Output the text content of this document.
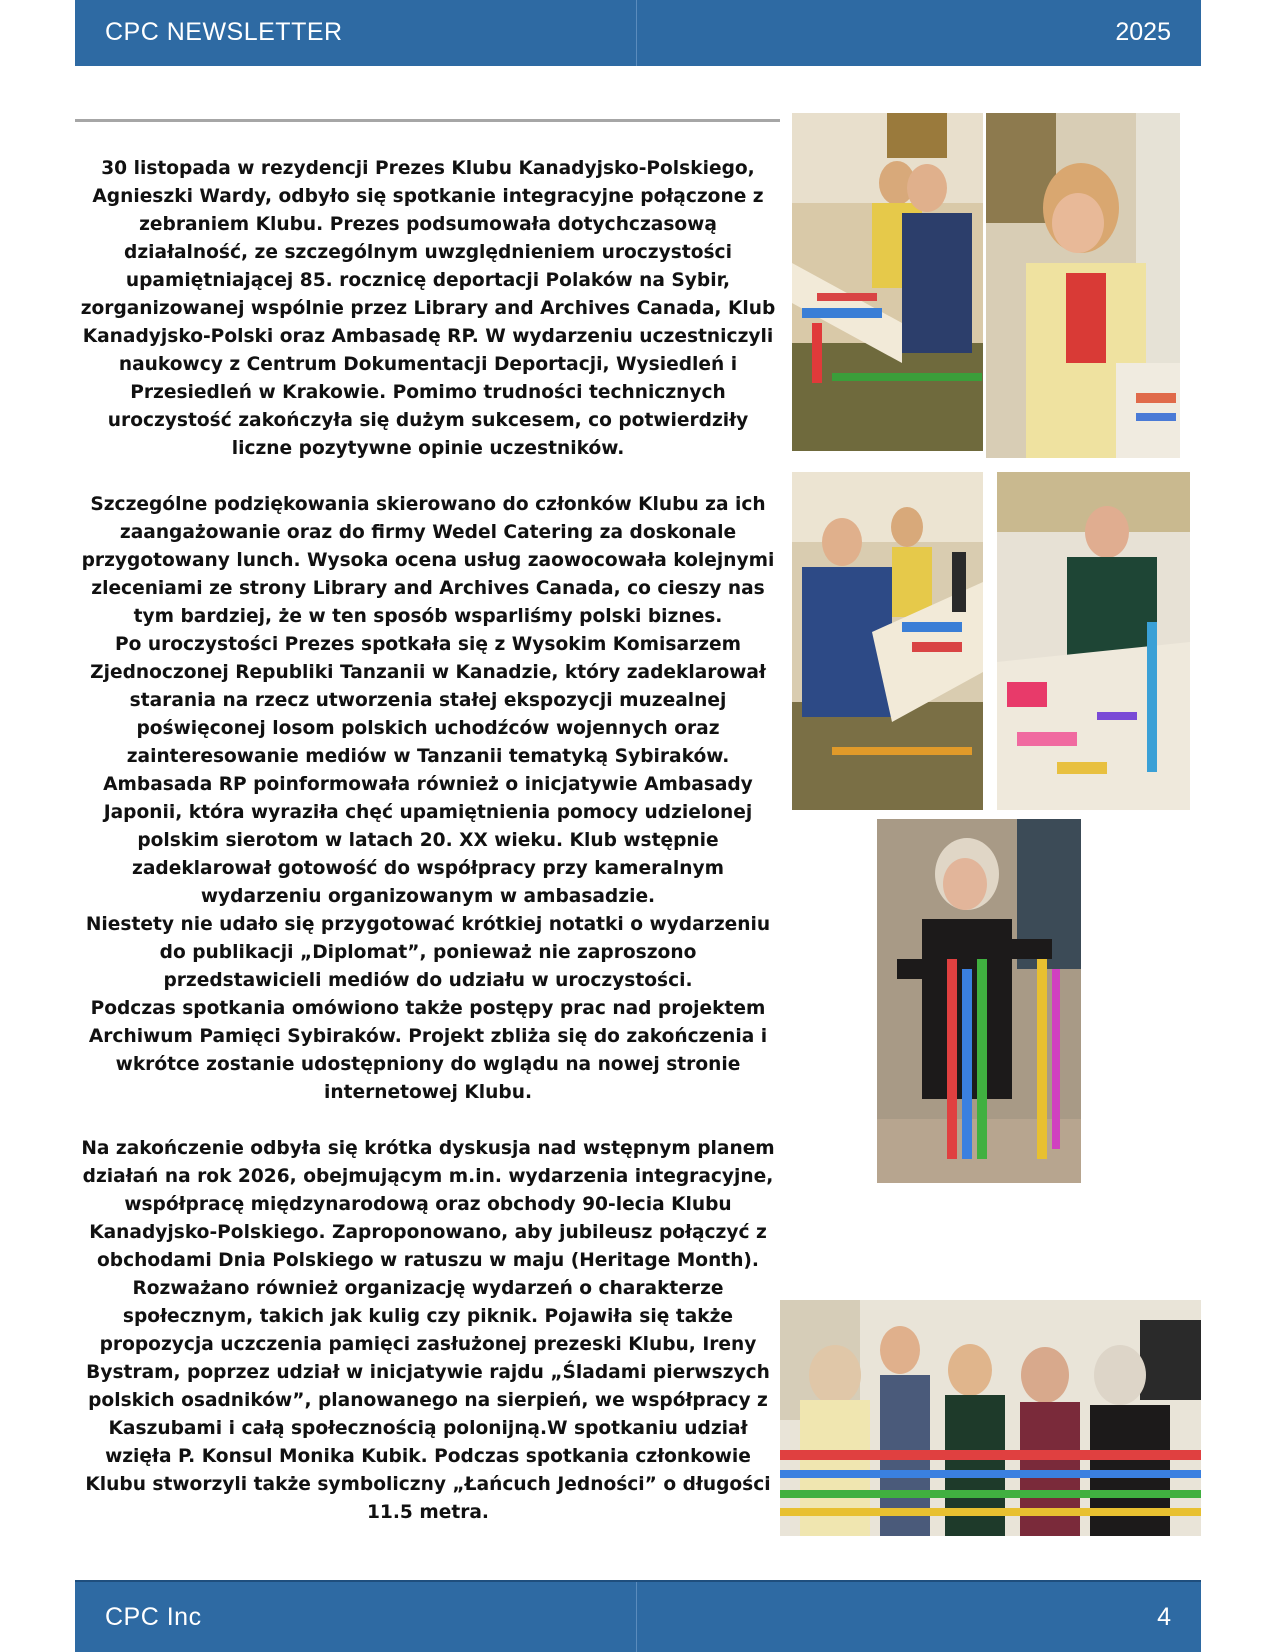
CPC NEWSLETTER	2025

30 listopada w rezydencji Prezes Klubu Kanadyjsko-Polskiego, Agnieszki Wardy, odbyło się spotkanie integracyjne połączone z zebraniem Klubu. Prezes podsumowała dotychczasową działalność, ze szczególnym uwzględnieniem uroczystości upamiętniającej 85. rocznicę deportacji Polaków na Sybir, zorganizowanej wspólnie przez Library and Archives Canada, Klub Kanadyjsko-Polski oraz Ambasadę RP. W wydarzeniu uczestniczyli naukowcy z Centrum Dokumentacji Deportacji, Wysiedleń i Przesiedleń w Krakowie. Pomimo trudności technicznych uroczystość zakończyła się dużym sukcesem, co potwierdziły liczne pozytywne opinie uczestników.

Szczególne podziękowania skierowano do członków Klubu za ich zaangażowanie oraz do firmy Wedel Catering za doskonale przygotowany lunch. Wysoka ocena usług zaowocowała kolejnymi zleceniami ze strony Library and Archives Canada, co cieszy nas tym bardziej, że w ten sposób wsparliśmy polski biznes.

Po uroczystości Prezes spotkała się z Wysokim Komisarzem Zjednoczonej Republiki Tanzanii w Kanadzie, który zadeklarował starania na rzecz utworzenia stałej ekspozycji muzealnej poświęconej losom polskich uchodźców wojennych oraz zainteresowanie mediów w Tanzanii tematyką Sybiraków.

Ambasada RP poinformowała również o inicjatywie Ambasady Japonii, która wyraziła chęć upamiętnienia pomocy udzielonej polskim sierotom w latach 20. XX wieku. Klub wstępnie zadeklarował gotowość do współpracy przy kameralnym wydarzeniu organizowanym w ambasadzie.

Niestety nie udało się przygotować krótkiej notatki o wydarzeniu do publikacji „Diplomat”, ponieważ nie zaproszono przedstawicieli mediów do udziału w uroczystości.

Podczas spotkania omówiono także postępy prac nad projektem Archiwum Pamięci Sybiraków. Projekt zbliża się do zakończenia i wkrótce zostanie udostępniony do wglądu na nowej stronie internetowej Klubu.

Na zakończenie odbyła się krótka dyskusja nad wstępnym planem działań na rok 2026, obejmującym m.in. wydarzenia integracyjne, współpracę międzynarodową oraz obchody 90-lecia Klubu Kanadyjsko-Polskiego. Zaproponowano, aby jubileusz połączyć z obchodami Dnia Polskiego w ratuszu w maju (Heritage Month). Rozważano również organizację wydarzeń o charakterze społecznym, takich jak kulig czy piknik. Pojawiła się także propozycja uczczenia pamięci zasłużonej prezeski Klubu, Ireny Bystram, poprzez udział w inicjatywie rajdu „Śladami pierwszych polskich osadników”, planowanego na sierpień, we współpracy z Kaszubami i całą społecznością polonijną.W spotkaniu udział wzięła P. Konsul Monika Kubik. Podczas spotkania członkowie Klubu stworzyli także symboliczny „Łańcuch Jedności” o długości 11.5 metra.

CPC Inc	4
